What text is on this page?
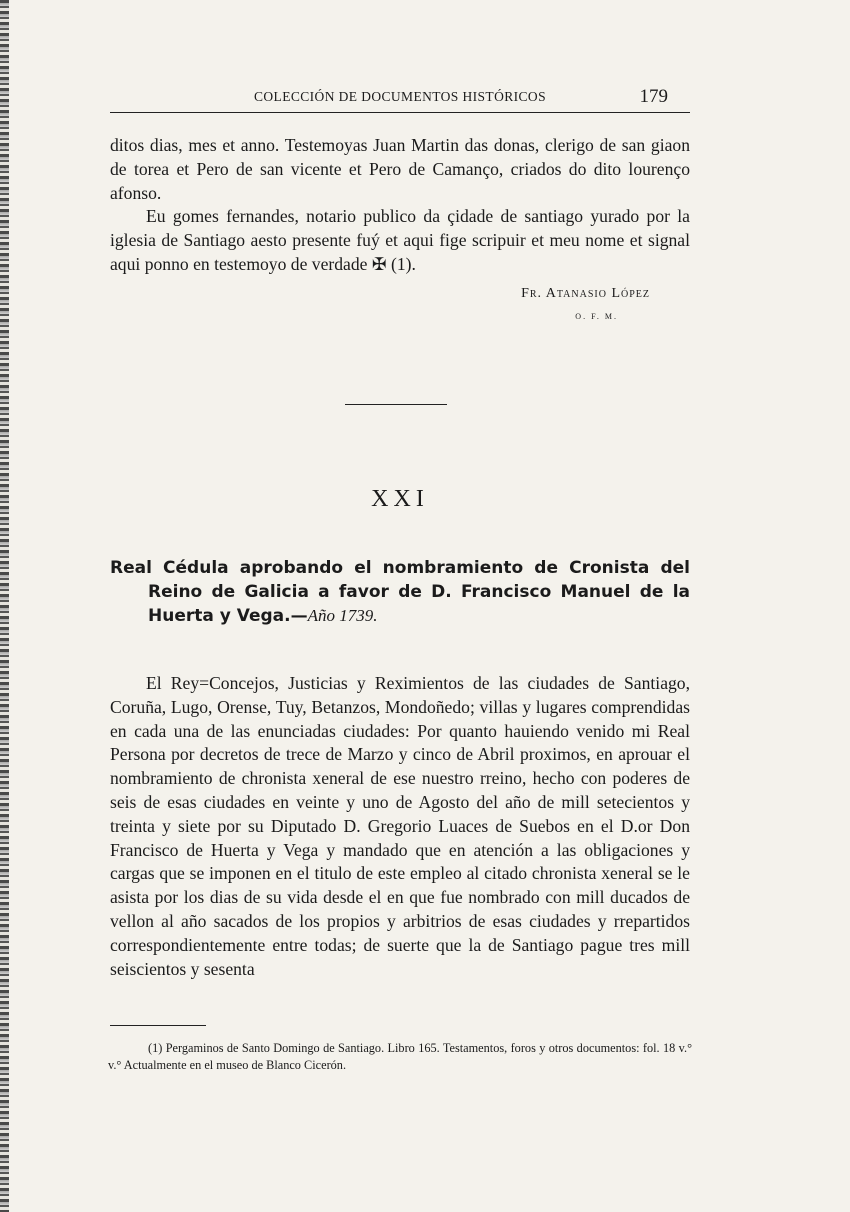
COLECCIÓN DE DOCUMENTOS HISTÓRICOS	179

ditos dias, mes et anno. Testemoyas Juan Martin das donas, clerigo de san giaon de torea et Pero de san vicente et Pero de Camanço, criados do dito lourenço afonso.

Eu gomes fernandes, notario publico da çidade de santiago yurado por la iglesia de Santiago aesto presente fuý et aqui fige scripuir et meu nome et signal aqui ponno en testemoyo de verdade ✠ (1).

Fr. Atanasio López
O. F. M.
XXI
Real Cédula aprobando el nombramiento de Cronista del Reino de Galicia a favor de D. Francisco Manuel de la Huerta y Vega.—Año 1739.

El Rey=Concejos, Justicias y Reximientos de las ciudades de Santiago, Coruña, Lugo, Orense, Tuy, Betanzos, Mondoñedo; villas y lugares comprendidas en cada una de las enunciadas ciudades: Por quanto hauiendo venido mi Real Persona por decretos de trece de Marzo y cinco de Abril proximos, en aprouar el nombramiento de chronista xeneral de ese nuestro rreino, hecho con poderes de seis de esas ciudades en veinte y uno de Agosto del año de mill setecientos y treinta y siete por su Diputado D. Gregorio Luaces de Suebos en el D.or Don Francisco de Huerta y Vega y mandado que en atención a las obligaciones y cargas que se imponen en el titulo de este empleo al citado chronista xeneral se le asista por los dias de su vida desde el en que fue nombrado con mill ducados de vellon al año sacados de los propios y arbitrios de esas ciudades y rrepartidos correspondientemente entre todas; de suerte que la de Santiago pague tres mill seiscientos y sesenta

(1) Pergaminos de Santo Domingo de Santiago. Libro 165. Testamentos, foros y otros documentos: fol. 18 v.° v.° Actualmente en el museo de Blanco Cicerón.
